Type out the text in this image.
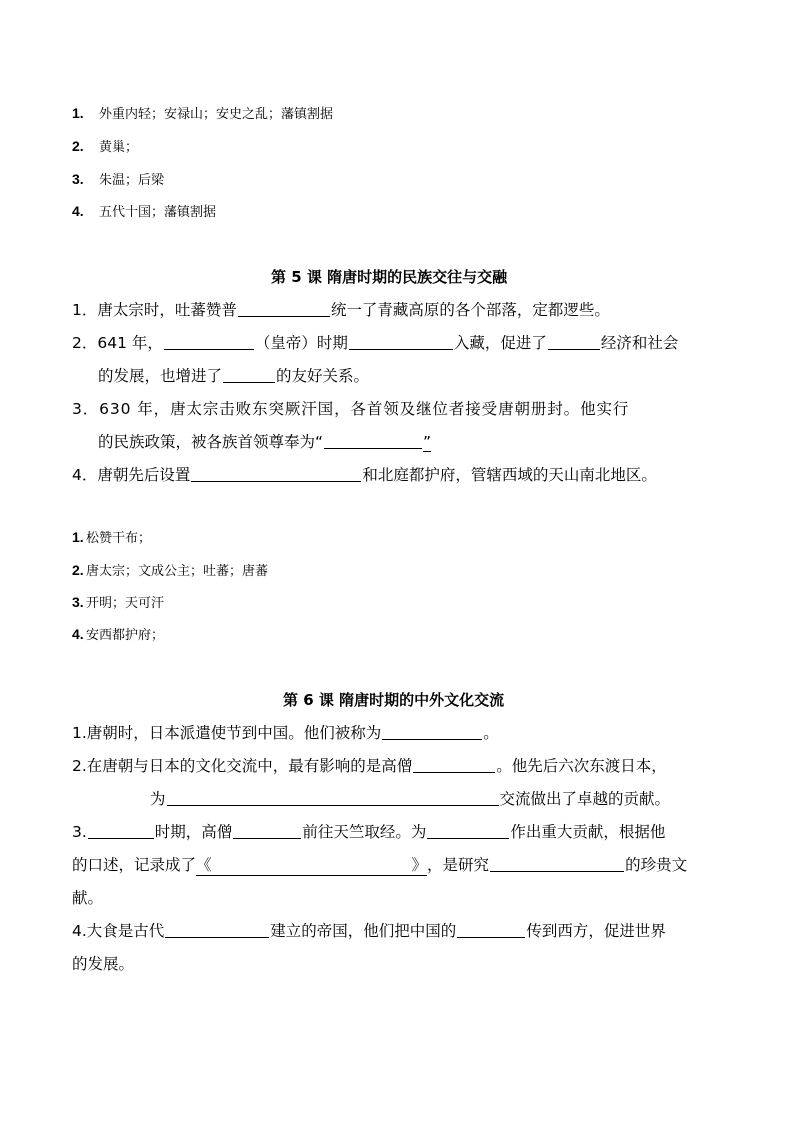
1. 外重内轻；安禄山；安史之乱；藩镇割据
2. 黄巢；
3. 朱温；后梁
4. 五代十国；藩镇割据
第 5 课 隋唐时期的民族交往与交融
1．唐太宗时，吐蕃赞普	统一了青藏高原的各个部落，定都逻些。
2．641 年，	（皇帝）时期	入藏，促进了	经济和社会
的发展，也增进了	的友好关系。
3．630 年，唐太宗击败东突厥汗国，各首领及继位者接受唐朝册封。他实行
的民族政策，被各族首领尊奉为“	”
4．唐朝先后设置	和北庭都护府，管辖西域的天山南北地区。
1. 松赞干布；
2. 唐太宗；文成公主；吐蕃；唐蕃
3. 开明；天可汗
4. 安西都护府；
第 6 课 隋唐时期的中外文化交流
1.唐朝时，日本派遣使节到中国。他们被称为	。
2.在唐朝与日本的文化交流中，最有影响的是高僧	。他先后六次东渡日本，
为	交流做出了卓越的贡献。
3.	时期，高僧	前往天竺取经。为	作出重大贡献，根据他
的口述，记录成了《	》，是研究	的珍贵文
献。
4.大食是古代	建立的帝国，他们把中国的	传到西方，促进世界
的发展。
